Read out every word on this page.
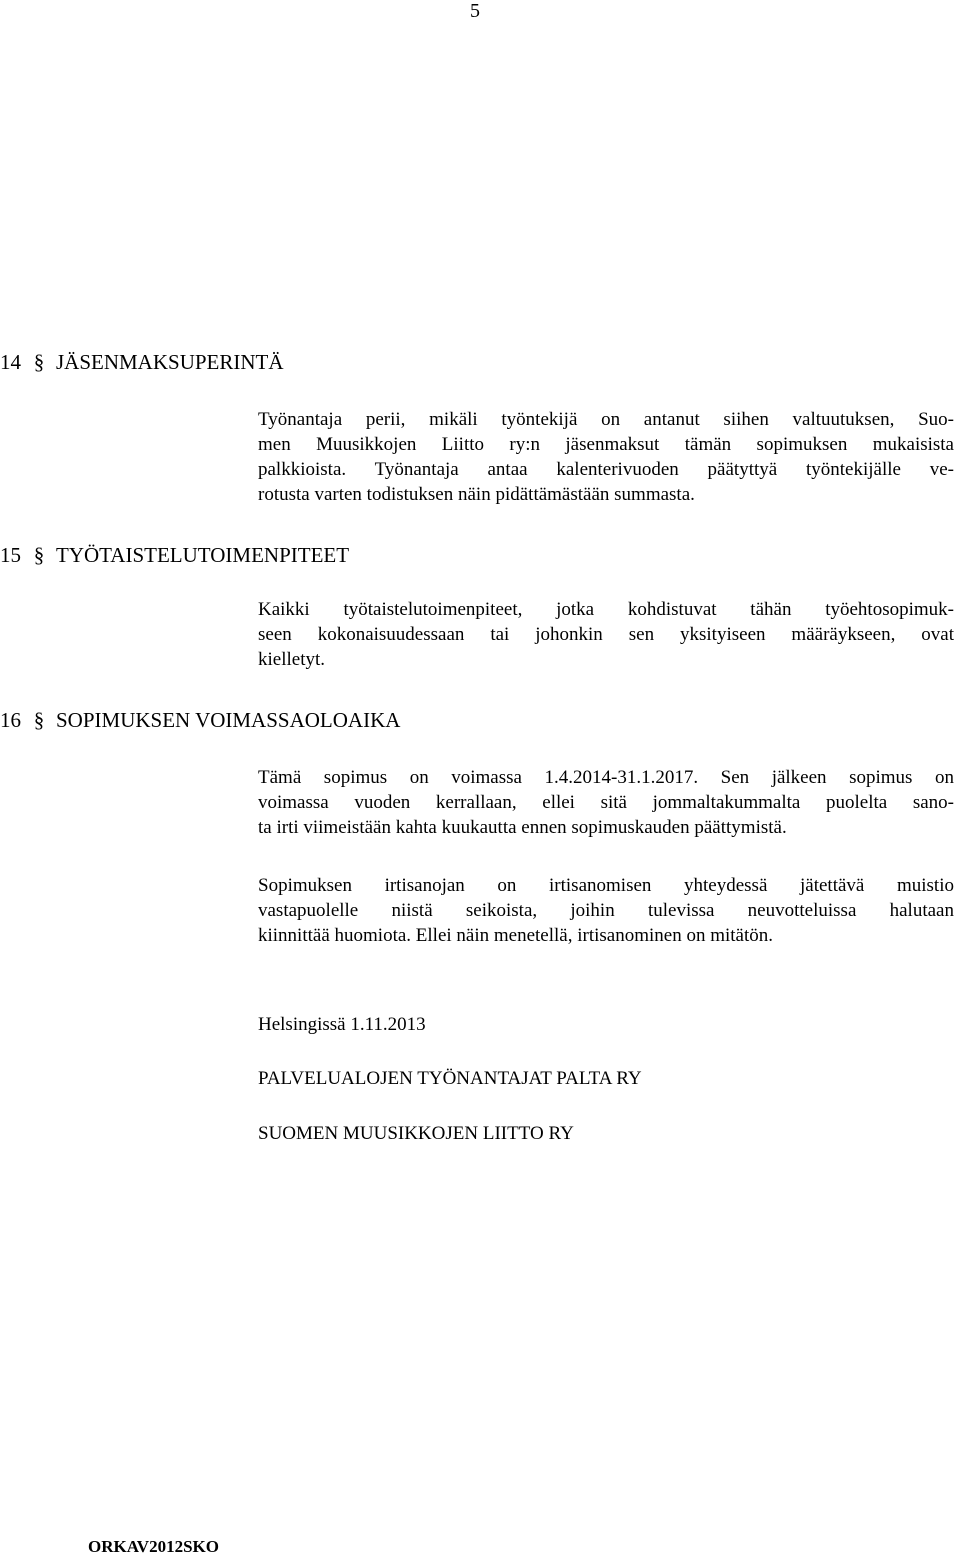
5
14 § JÄSENMAKSUPERINTÄ
Työnantaja perii, mikäli työntekijä on antanut siihen valtuutuksen, Suo-
men Muusikkojen Liitto ry:n jäsenmaksut tämän sopimuksen mukaisista
palkkioista. Työnantaja antaa kalenterivuoden päätyttyä työntekijälle ve-
rotusta varten todistuksen näin pidättämästään summasta.
15 § TYÖTAISTELUTOIMENPITEET
Kaikki työtaistelutoimenpiteet, jotka kohdistuvat tähän työehtosopimuk-
seen kokonaisuudessaan tai johonkin sen yksityiseen määräykseen, ovat
kielletyt.
16 § SOPIMUKSEN VOIMASSAOLOAIKA
Tämä sopimus on voimassa 1.4.2014-31.1.2017. Sen jälkeen sopimus on
voimassa vuoden kerrallaan, ellei sitä jommaltakummalta puolelta sano-
ta irti viimeistään kahta kuukautta ennen sopimuskauden päättymistä.
Sopimuksen irtisanojan on irtisanomisen yhteydessä jätettävä muistio
vastapuolelle niistä seikoista, joihin tulevissa neuvotteluissa halutaan
kiinnittää huomiota. Ellei näin menetellä, irtisanominen on mitätön.
Helsingissä 1.11.2013
PALVELUALOJEN TYÖNANTAJAT PALTA RY
SUOMEN MUUSIKKOJEN LIITTO RY
ORKAV2012SKO
